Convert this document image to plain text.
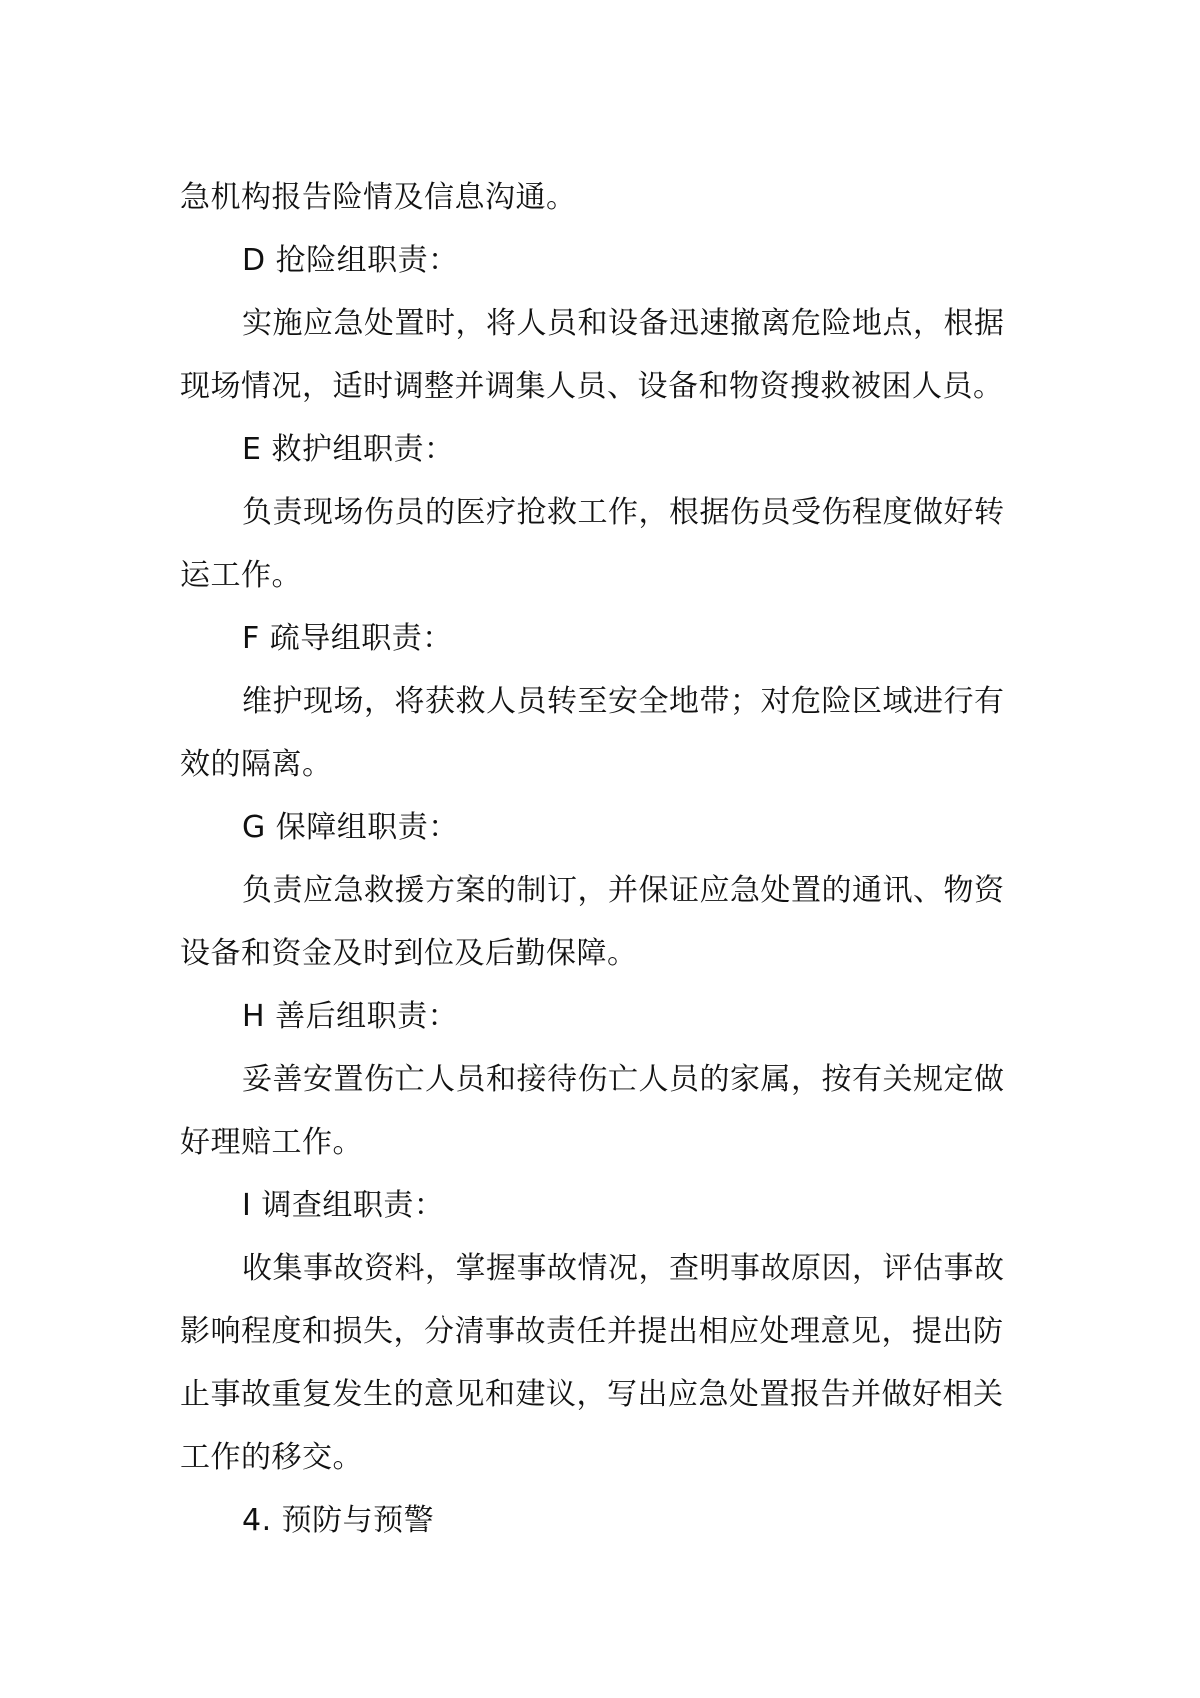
急机构报告险情及信息沟通。
D 抢险组职责：
实施应急处置时，将人员和设备迅速撤离危险地点，根据
现场情况，适时调整并调集人员、设备和物资搜救被困人员。
E 救护组职责：
负责现场伤员的医疗抢救工作，根据伤员受伤程度做好转
运工作。
F 疏导组职责：
维护现场，将获救人员转至安全地带；对危险区域进行有
效的隔离。
G 保障组职责：
负责应急救援方案的制订，并保证应急处置的通讯、物资
设备和资金及时到位及后勤保障。
H 善后组职责：
妥善安置伤亡人员和接待伤亡人员的家属，按有关规定做
好理赔工作。
I 调查组职责：
收集事故资料，掌握事故情况，查明事故原因，评估事故
影响程度和损失，分清事故责任并提出相应处理意见，提出防
止事故重复发生的意见和建议，写出应急处置报告并做好相关
工作的移交。
4. 预防与预警
